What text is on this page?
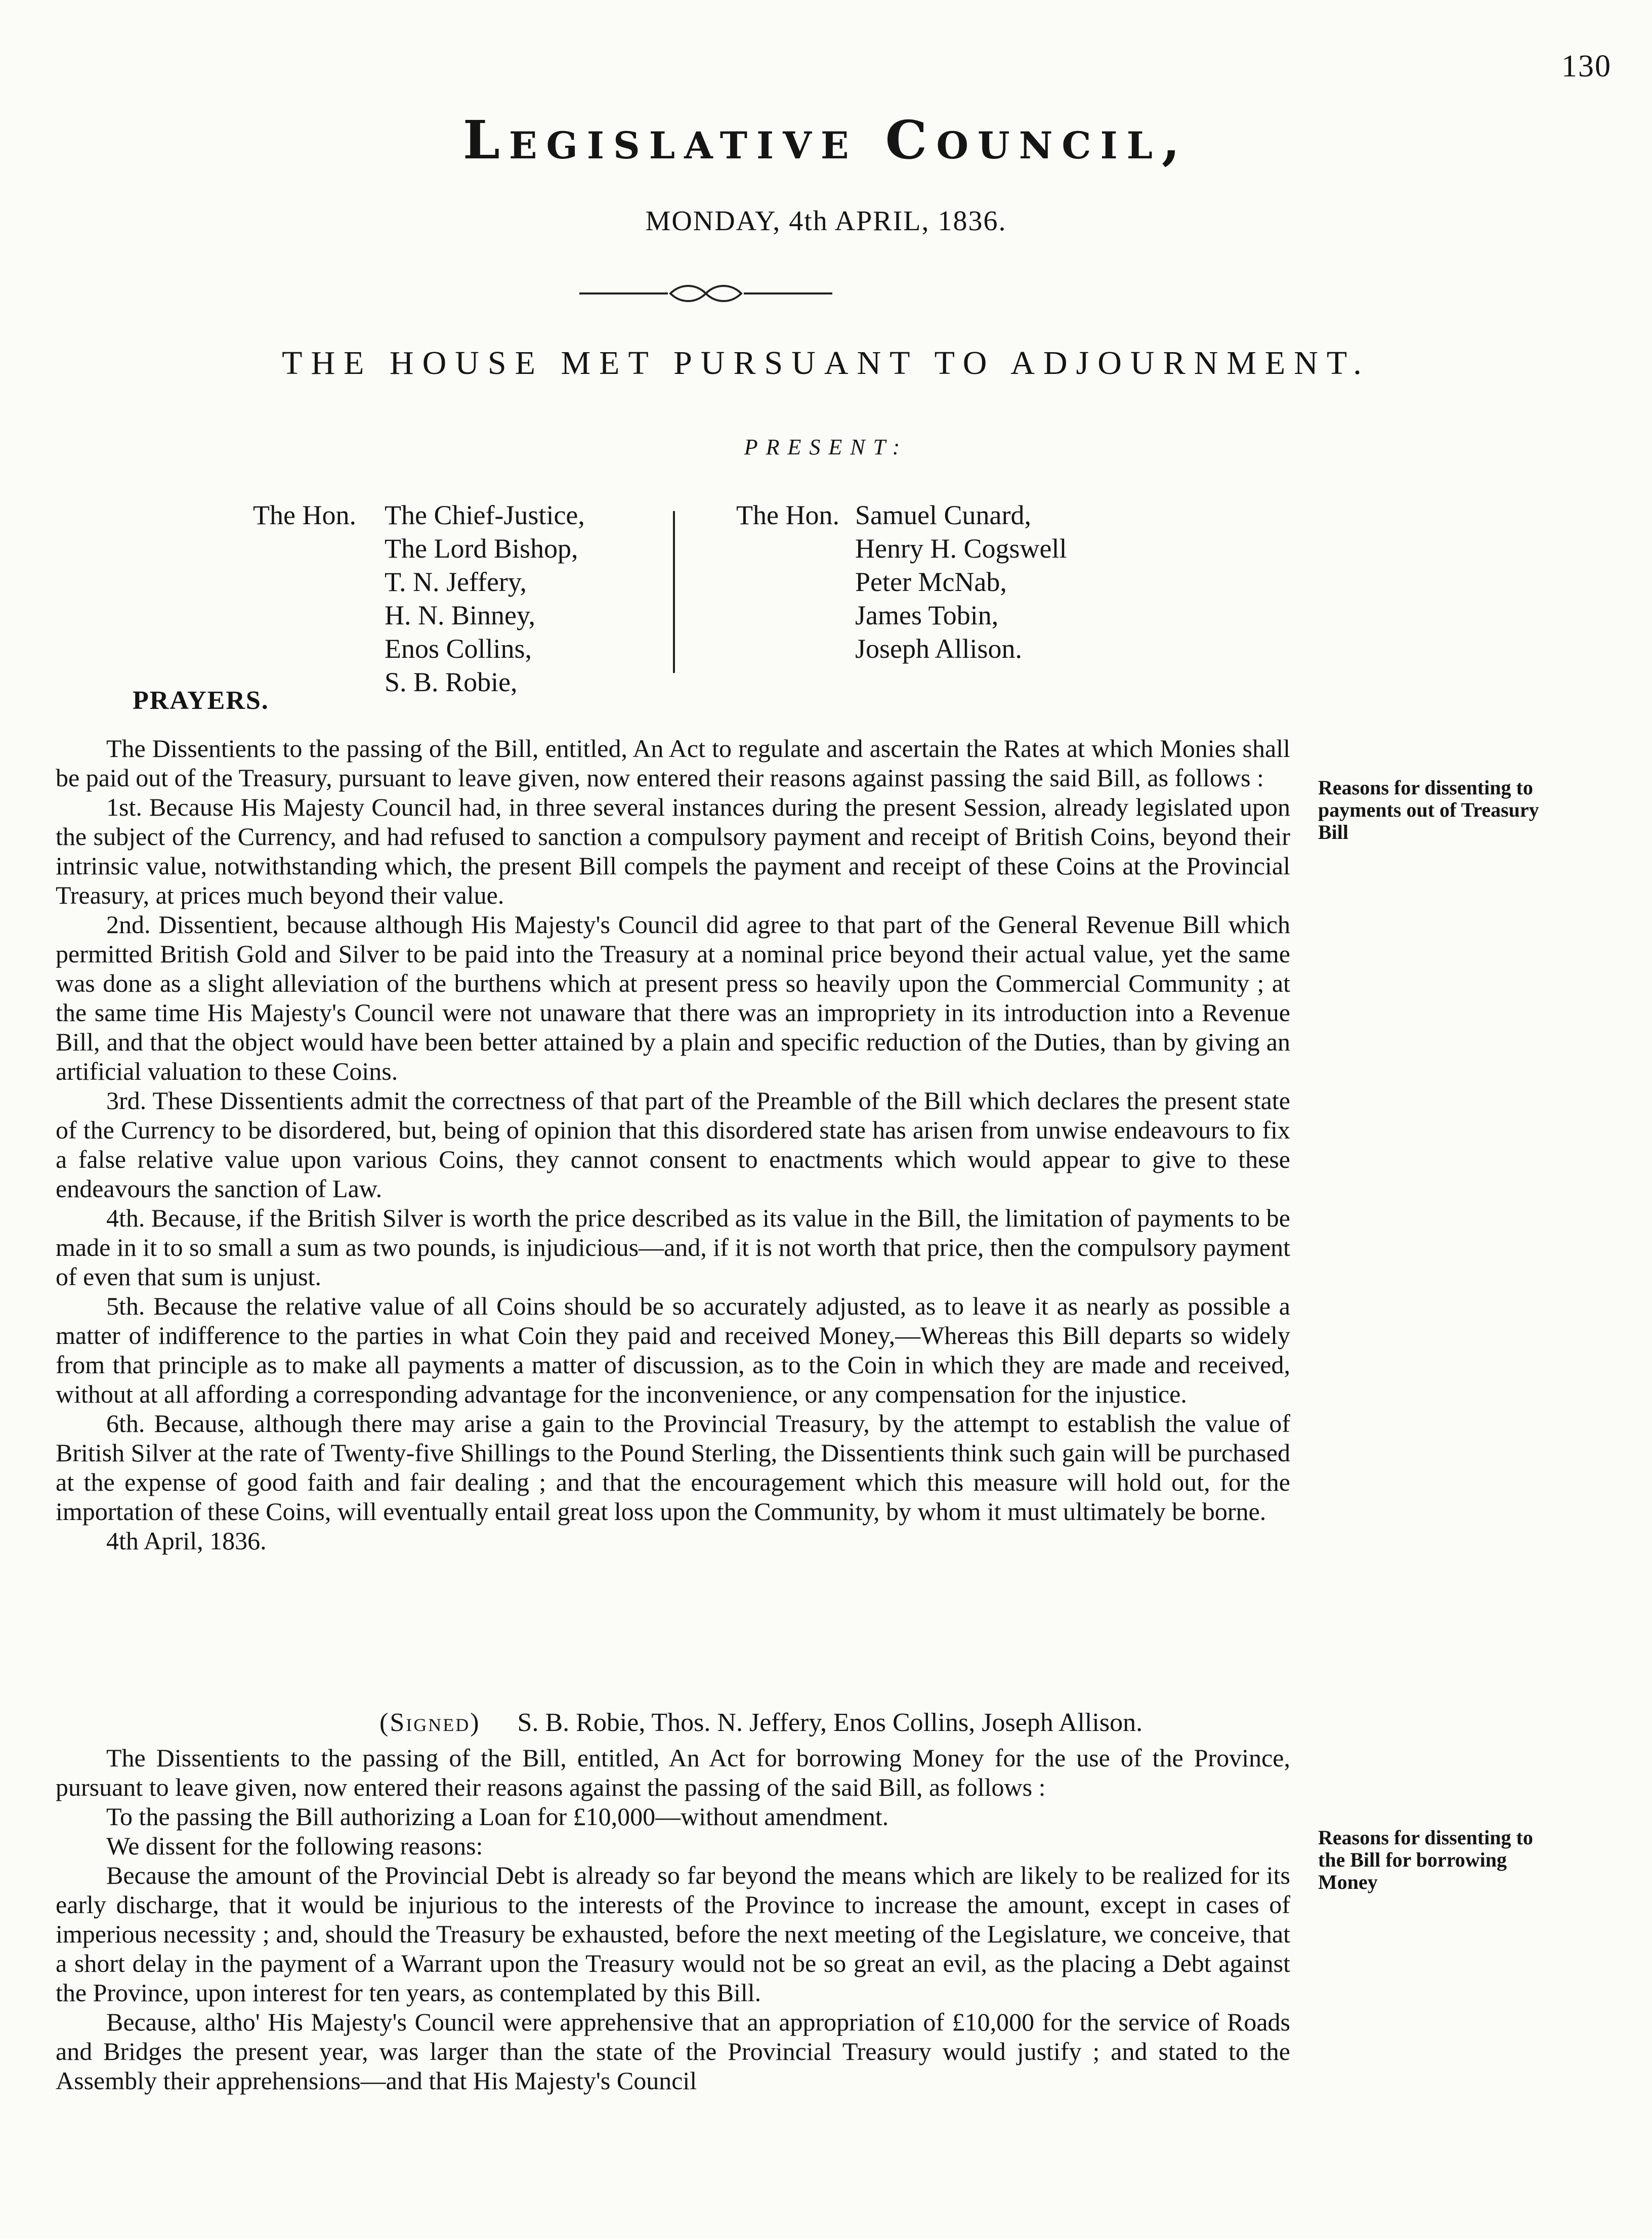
130
Legislative Council,
MONDAY, 4th APRIL, 1836.
THE HOUSE MET PURSUANT TO ADJOURNMENT.
PRESENT:
The Hon. The Chief-Justice,
The Lord Bishop,
T. N. Jeffery,
H. N. Binney,
Enos Collins,
S. B. Robie,
The Hon. Samuel Cunard,
Henry H. Cogswell
Peter McNab,
James Tobin,
Joseph Allison.
PRAYERS.

The Dissentients to the passing of the Bill, entitled, An Act to regulate and ascertain the Rates at which Monies shall be paid out of the Treasury, pursuant to leave given, now entered their reasons against passing the said Bill, as follows :

1st. Because His Majesty Council had, in three several instances during the present Session, already legislated upon the subject of the Currency, and had refused to sanction a compulsory payment and receipt of British Coins, beyond their intrinsic value, notwithstanding which, the present Bill compels the payment and receipt of these Coins at the Provincial Treasury, at prices much beyond their value.

2nd. Dissentient, because although His Majesty's Council did agree to that part of the General Revenue Bill which permitted British Gold and Silver to be paid into the Treasury at a nominal price beyond their actual value, yet the same was done as a slight alleviation of the burthens which at present press so heavily upon the Commercial Community ; at the same time His Majesty's Council were not unaware that there was an impropriety in its introduction into a Revenue Bill, and that the object would have been better attained by a plain and specific reduction of the Duties, than by giving an artificial valuation to these Coins.

3rd. These Dissentients admit the correctness of that part of the Preamble of the Bill which declares the present state of the Currency to be disordered, but, being of opinion that this disordered state has arisen from unwise endeavours to fix a false relative value upon various Coins, they cannot consent to enactments which would appear to give to these endeavours the sanction of Law.

4th. Because, if the British Silver is worth the price described as its value in the Bill, the limitation of payments to be made in it to so small a sum as two pounds, is injudicious—and, if it is not worth that price, then the compulsory payment of even that sum is unjust.

5th. Because the relative value of all Coins should be so accurately adjusted, as to leave it as nearly as possible a matter of indifference to the parties in what Coin they paid and received Money,—Whereas this Bill departs so widely from that principle as to make all payments a matter of discussion, as to the Coin in which they are made and received, without at all affording a corresponding advantage for the inconvenience, or any compensation for the injustice.

6th. Because, although there may arise a gain to the Provincial Treasury, by the attempt to establish the value of British Silver at the rate of Twenty-five Shillings to the Pound Sterling, the Dissentients think such gain will be purchased at the expense of good faith and fair dealing ; and that the encouragement which this measure will hold out, for the importation of these Coins, will eventually entail great loss upon the Community, by whom it must ultimately be borne.

4th April, 1836.

(Signed) S. B. Robie, Thos. N. Jeffery, Enos Collins, Joseph Allison.

The Dissentients to the passing of the Bill, entitled, An Act for borrowing Money for the use of the Province, pursuant to leave given, now entered their reasons against the passing of the said Bill, as follows :

To the passing the Bill authorizing a Loan for £10,000—without amendment.

We dissent for the following reasons:

Because the amount of the Provincial Debt is already so far beyond the means which are likely to be realized for its early discharge, that it would be injurious to the interests of the Province to increase the amount, except in cases of imperious necessity ; and, should the Treasury be exhausted, before the next meeting of the Legislature, we conceive, that a short delay in the payment of a Warrant upon the Treasury would not be so great an evil, as the placing a Debt against the Province, upon interest for ten years, as contemplated by this Bill.

Because, altho' His Majesty's Council were apprehensive that an appropriation of £10,000 for the service of Roads and Bridges the present year, was larger than the state of the Provincial Treasury would justify ; and stated to the Assembly their apprehensions—and that His Majesty's Council

Reasons for dissenting to payments out of Treasury Bill
Reasons for dissenting to the Bill for borrowing Money
